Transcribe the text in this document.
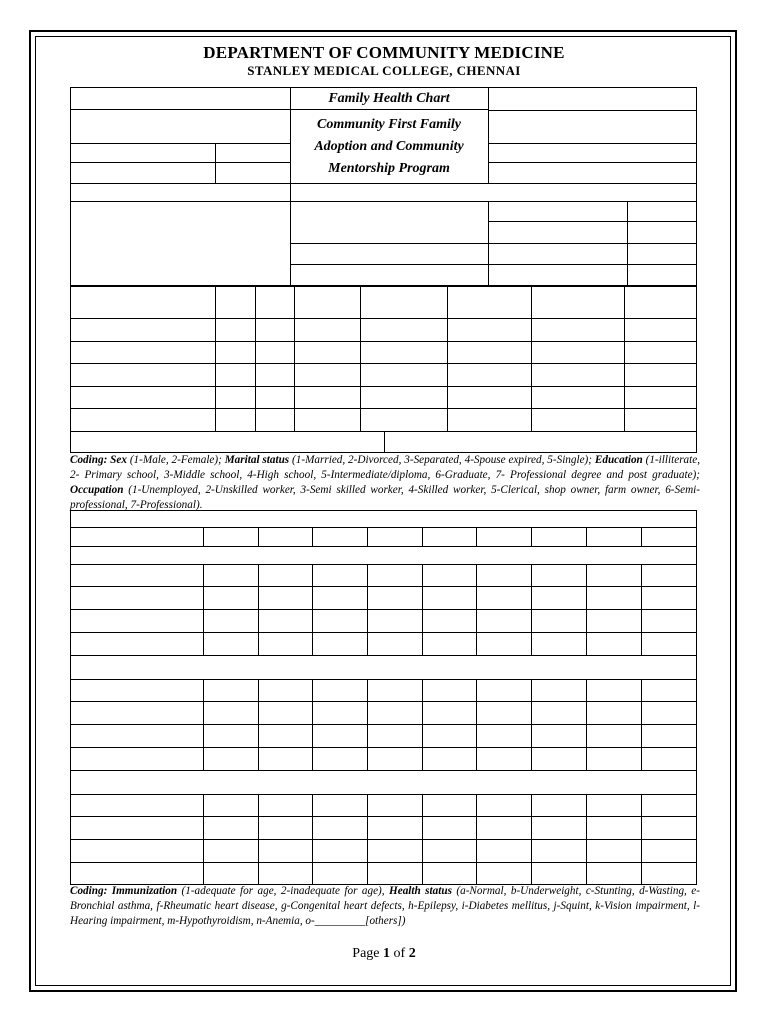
DEPARTMENT OF COMMUNITY MEDICINE
STANLEY MEDICAL COLLEGE, CHENNAI
Family Health Chart
Community First Family
Adoption and Community
Mentorship Program
Coding: Sex (1-Male, 2-Female); Marital status (1-Married, 2-Divorced, 3-Separated, 4-Spouse expired, 5-Single); Education (1-illiterate, 2- Primary school, 3-Middle school, 4-High school, 5-Intermediate/diploma, 6-Graduate, 7- Professional degree and post graduate); Occupation (1-Unemployed, 2-Unskilled worker, 3-Semi skilled worker, 4-Skilled worker, 5-Clerical, shop owner, farm owner, 6-Semi-professional, 7-Professional).
Coding: Immunization (1-adequate for age, 2-inadequate for age), Health status (a-Normal, b-Underweight, c-Stunting, d-Wasting, e-Bronchial asthma, f-Rheumatic heart disease, g-Congenital heart defects, h-Epilepsy, i-Diabetes mellitus, j-Squint, k-Vision impairment, l-Hearing impairment, m-Hypothyroidism, n-Anemia, o-_________[others])
Page 1 of 2
